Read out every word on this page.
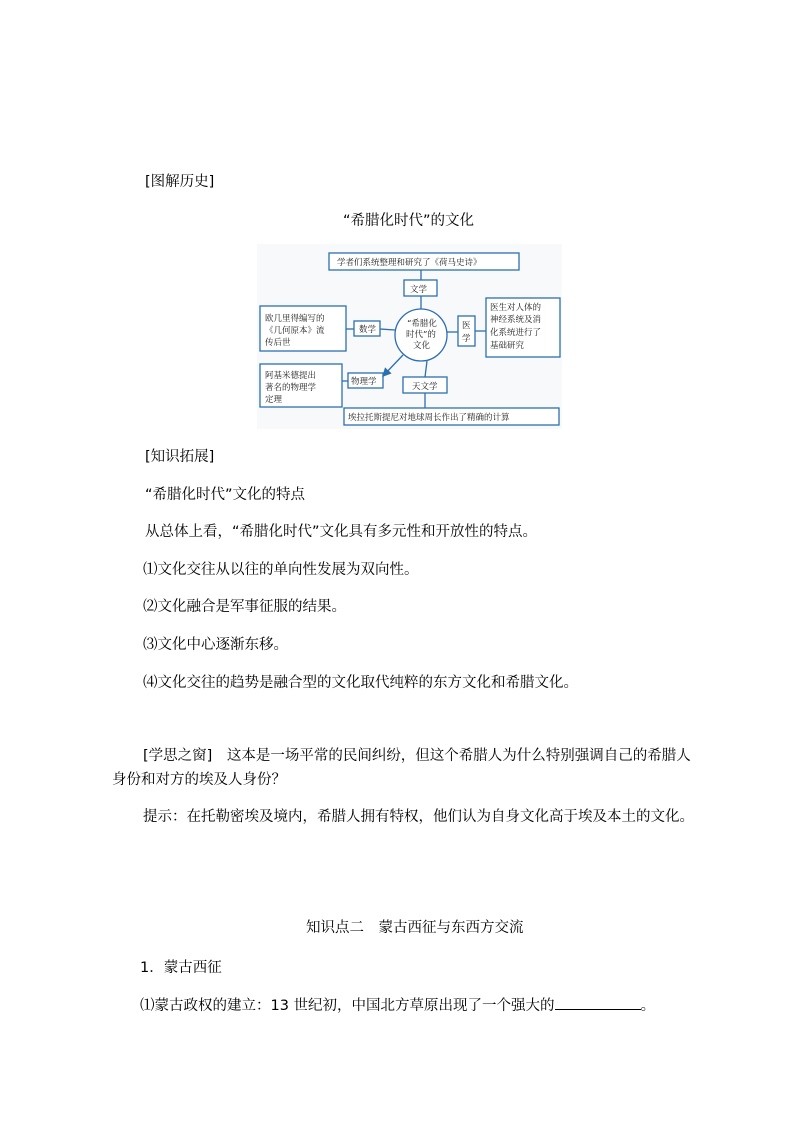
[图解历史]
“希腊化时代”的文化
学者们系统整理和研究了《荷马史诗》
文学
“希腊化
时代”的
文化
数学
欧几里得编写的
《几何原本》流
传后世
医
学
医生对人体的
神经系统及消
化系统进行了
基础研究
物理学
阿基米德提出
著名的物理学
定理
天文学
埃拉托斯提尼对地球周长作出了精确的计算
[知识拓展]
“希腊化时代”文化的特点
从总体上看，“希腊化时代”文化具有多元性和开放性的特点。
⑴文化交往从以往的单向性发展为双向性。
⑵文化融合是军事征服的结果。
⑶文化中心逐渐东移。
⑷文化交往的趋势是融合型的文化取代纯粹的东方文化和希腊文化。
[学思之窗]　这本是一场平常的民间纠纷，但这个希腊人为什么特别强调自己的希腊人
身份和对方的埃及人身份？
提示：在托勒密埃及境内，希腊人拥有特权，他们认为自身文化高于埃及本土的文化。
知识点二　蒙古西征与东西方交流
1．蒙古西征
⑴蒙古政权的建立：13 世纪初，中国北方草原出现了一个强大的	。
